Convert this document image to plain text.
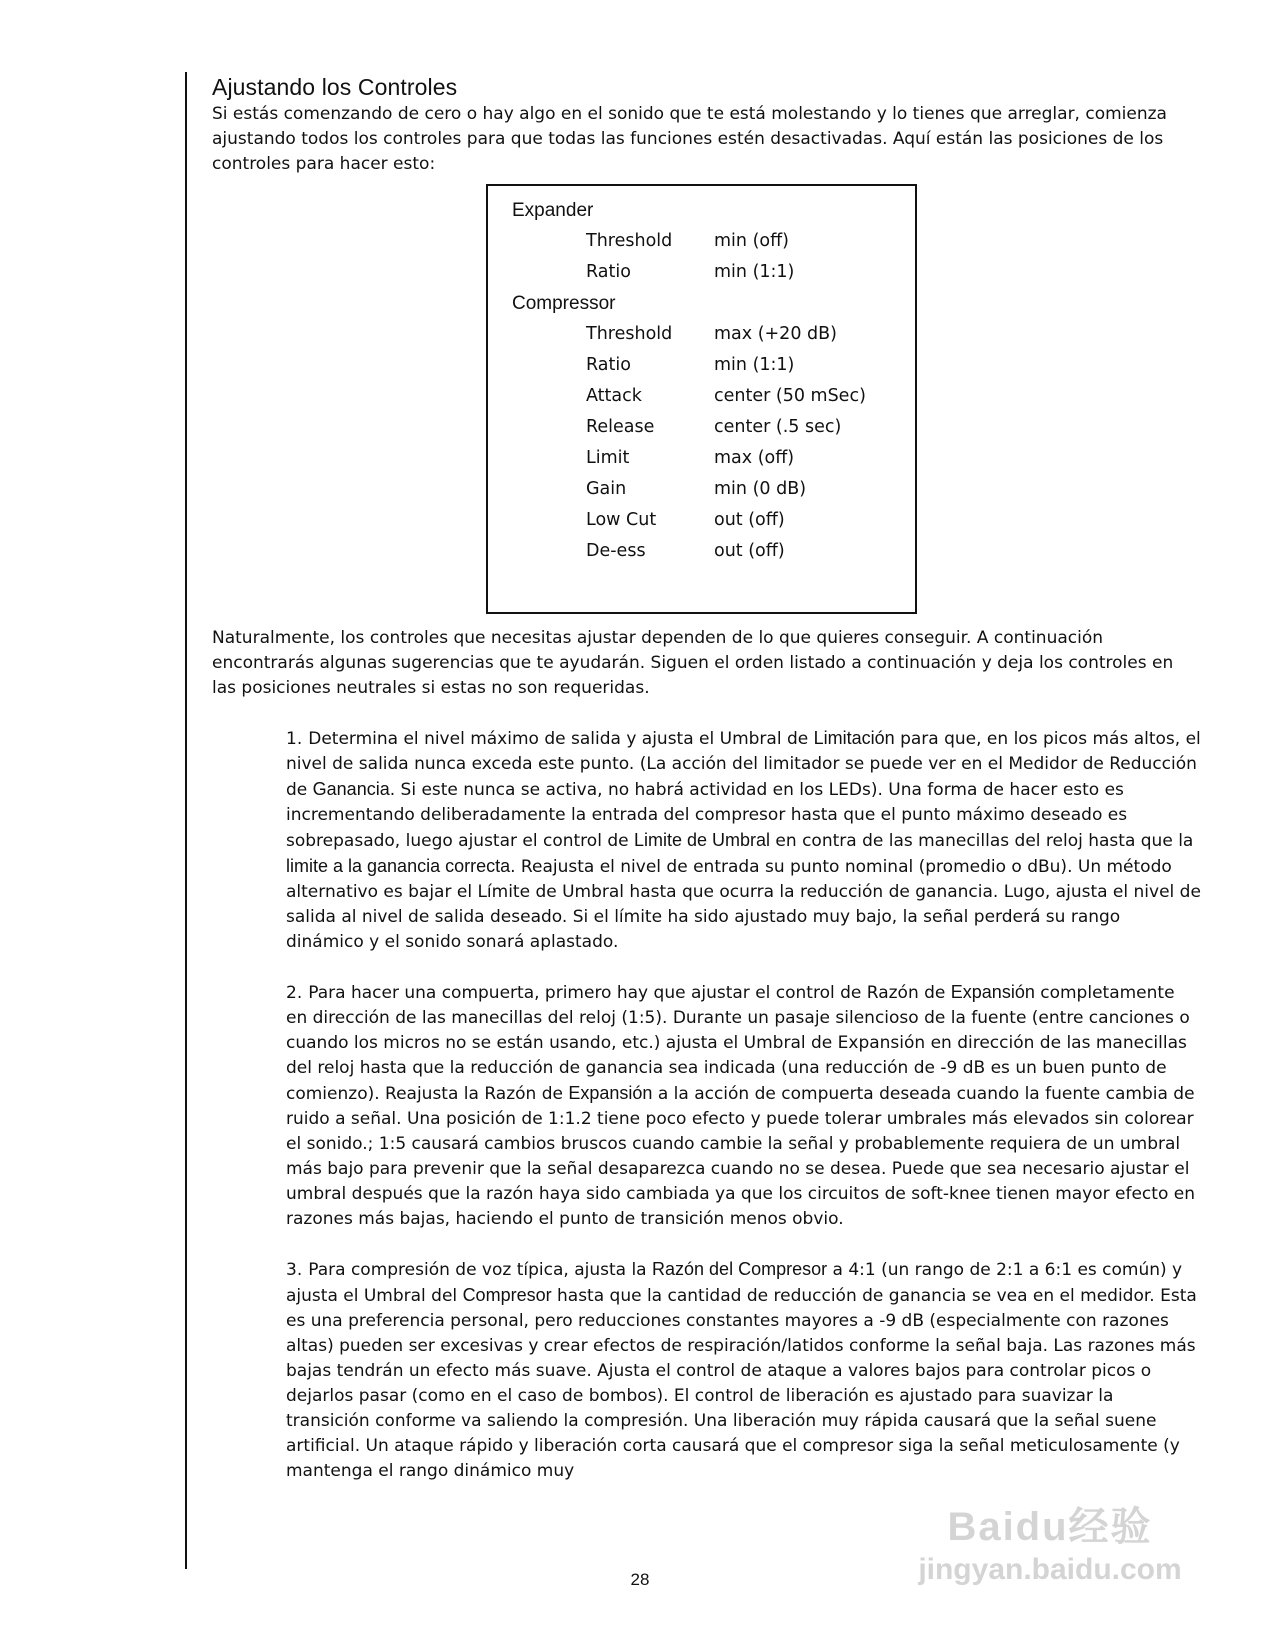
Ajustando los Controles

Si estás comenzando de cero o hay algo en el sonido que te está molestando y lo tienes que arreglar, comienza ajustando todos los controles para que todas las funciones estén desactivadas. Aquí están las posiciones de los controles para hacer esto:

Expander
Threshold min (off)
Ratio	min (1:1)
Compressor
Threshold max (+20 dB)
Ratio	min (1:1)
Attack	center (50 mSec)
Release	center (.5 sec)
Limit	max (off)
Gain	min (0 dB)
Low Cut	out (off)
De-ess	out (off)

Naturalmente, los controles que necesitas ajustar dependen de lo que quieres conseguir. A continuación encontrarás algunas sugerencias que te ayudarán. Siguen el orden listado a continuación y deja los controles en las posiciones neutrales si estas no son requeridas.

1. Determina el nivel máximo de salida y ajusta el Umbral de Limitación para que, en los picos más altos, el nivel de salida nunca exceda este punto. (La acción del limitador se puede ver en el Medidor de Reducción de Ganancia. Si este nunca se activa, no habrá actividad en los LEDs). Una forma de hacer esto es incrementando deliberadamente la entrada del compresor hasta que el punto máximo deseado es sobrepasado, luego ajustar el control de Limite de Umbral en contra de las manecillas del reloj hasta que la limite a la ganancia correcta. Reajusta el nivel de entrada su punto nominal (promedio o dBu). Un método alternativo es bajar el Límite de Umbral hasta que ocurra la reducción de ganancia. Lugo, ajusta el nivel de salida al nivel de salida deseado. Si el límite ha sido ajustado muy bajo, la señal perderá su rango dinámico y el sonido sonará aplastado.

2. Para hacer una compuerta, primero hay que ajustar el control de Razón de Expansión completamente en dirección de las manecillas del reloj (1:5). Durante un pasaje silencioso de la fuente (entre canciones o cuando los micros no se están usando, etc.) ajusta el Umbral de Expansión en dirección de las manecillas del reloj hasta que la reducción de ganancia sea indicada (una reducción de -9 dB es un buen punto de comienzo). Reajusta la Razón de Expansión a la acción de compuerta deseada cuando la fuente cambia de ruido a señal. Una posición de 1:1.2 tiene poco efecto y puede tolerar umbrales más elevados sin colorear el sonido.; 1:5 causará cambios bruscos cuando cambie la señal y probablemente requiera de un umbral más bajo para prevenir que la señal desaparezca cuando no se desea. Puede que sea necesario ajustar el umbral después que la razón haya sido cambiada ya que los circuitos de soft-knee tienen mayor efecto en razones más bajas, haciendo el punto de transición menos obvio.

3. Para compresión de voz típica, ajusta la Razón del Compresor a 4:1 (un rango de 2:1 a 6:1 es común) y ajusta el Umbral del Compresor hasta que la cantidad de reducción de ganancia se vea en el medidor. Esta es una preferencia personal, pero reducciones constantes mayores a -9 dB (especialmente con razones altas) pueden ser excesivas y crear efectos de respiración/latidos conforme la señal baja. Las razones más bajas tendrán un efecto más suave. Ajusta el control de ataque a valores bajos para controlar picos o dejarlos pasar (como en el caso de bombos). El control de liberación es ajustado para suavizar la transición conforme va saliendo la compresión. Una liberación muy rápida causará que la señal suene artificial. Un ataque rápido y liberación corta causará que el compresor siga la señal meticulosamente (y mantenga el rango dinámico muy

28
Baidu经验
jingyan.baidu.com
